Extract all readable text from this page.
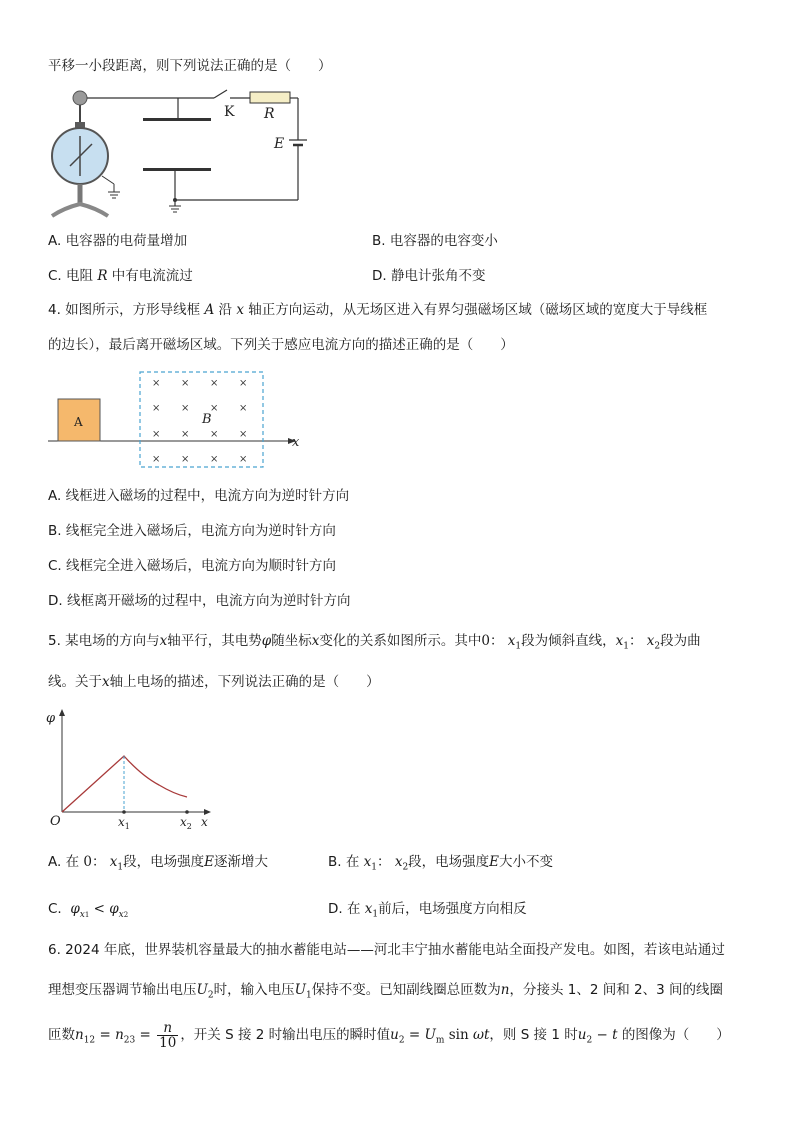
平移一小段距离，则下列说法正确的是（　　）
K R
E
A. 电容器的电荷量增加	B. 电容器的电容变小
C. 电阻 R 中有电流流过	D. 静电计张角不变
4. 如图所示，方形导线框 A 沿 x 轴正方向运动，从无场区进入有界匀强磁场区域（磁场区域的宽度大于导线框
的边长），最后离开磁场区域。下列关于感应电流方向的描述正确的是（　　）
x
A
× × × ×
× × × ×
× × × ×
× × × ×
B
A. 线框进入磁场的过程中，电流方向为逆时针方向
B. 线框完全进入磁场后，电流方向为逆时针方向
C. 线框完全进入磁场后，电流方向为顺时针方向
D. 线框离开磁场的过程中，电流方向为逆时针方向
5. 某电场的方向与x轴平行，其电势φ随坐标x变化的关系如图所示。其中0： $x_1$段为倾斜直线，$x_1$： $x_2$段为曲
线。关于x轴上电场的描述，下列说法正确的是（　　）
φ
O	$x_1$	$x_2$ x
A. 在 0： $x_1$段，电场强度E逐渐增大	B. 在 $x_1$： $x_2$段，电场强度E大小不变
C. $\varphi_{x1} < \varphi_{x2}$	D. 在 $x_1$前后，电场强度方向相反
6. 2024 年底，世界装机容量最大的抽水蓄能电站——河北丰宁抽水蓄能电站全面投产发电。如图，若该电站通过
理想变压器调节输出电压$U_2$时，输入电压$U_1$保持不变。已知副线圈总匝数为n，分接头 1、2 间和 2、3 间的线圈
匝数$n_{12} = n_{23} = \frac{n}{10}$ ，开关 S 接 2 时输出电压的瞬时值$u_2 = U_m$ sin ωt，则 S 接 1 时$u_2 - t$ 的图像为（　　）
